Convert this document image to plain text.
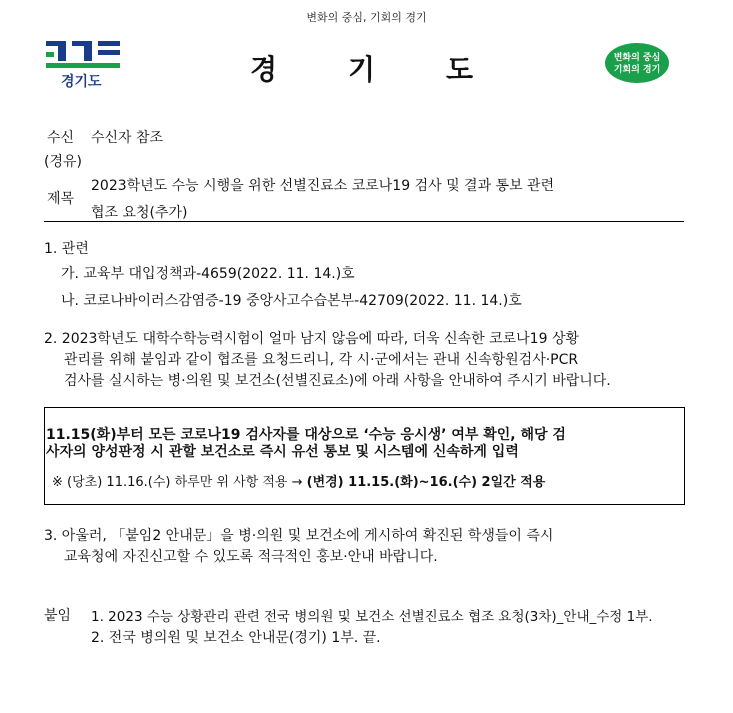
변화의 중심, 기회의 경기
경기도	경 기 도	변화의 중심
기회의 경기
수신 수신자 참조
(경유)
제목
2023학년도 수능 시행을 위한 선별진료소 코로나19 검사 및 결과 통보 관련
협조 요청(추가)
1. 관련
가. 교육부 대입정책과-4659(2022. 11. 14.)호
나. 코로나바이러스감염증-19 중앙사고수습본부-42709(2022. 11. 14.)호
2. 2023학년도 대학수학능력시험이 얼마 남지 않음에 따라, 더욱 신속한 코로나19 상황
관리를 위해 붙임과 같이 협조를 요청드리니, 각 시·군에서는 관내 신속항원검사·PCR
검사를 실시하는 병·의원 및 보건소(선별진료소)에 아래 사항을 안내하여 주시기 바랍니다.
11.15(화)부터 모든 코로나19 검사자를 대상으로 ‘수능 응시생’ 여부 확인, 해당 검
사자의 양성판정 시 관할 보건소로 즉시 유선 통보 및 시스템에 신속하게 입력
※ (당초) 11.16.(수) 하루만 위 사항 적용 → (변경) 11.15.(화)~16.(수) 2일간 적용
3. 아울러, 「붙임2 안내문」을 병·의원 및 보건소에 게시하여 확진된 학생들이 즉시
교육청에 자진신고할 수 있도록 적극적인 홍보·안내 바랍니다.
붙임 1. 2023 수능 상황관리 관련 전국 병의원 및 보건소 선별진료소 협조 요청(3차)_안내_수정 1부.
2. 전국 병의원 및 보건소 안내문(경기) 1부. 끝.
